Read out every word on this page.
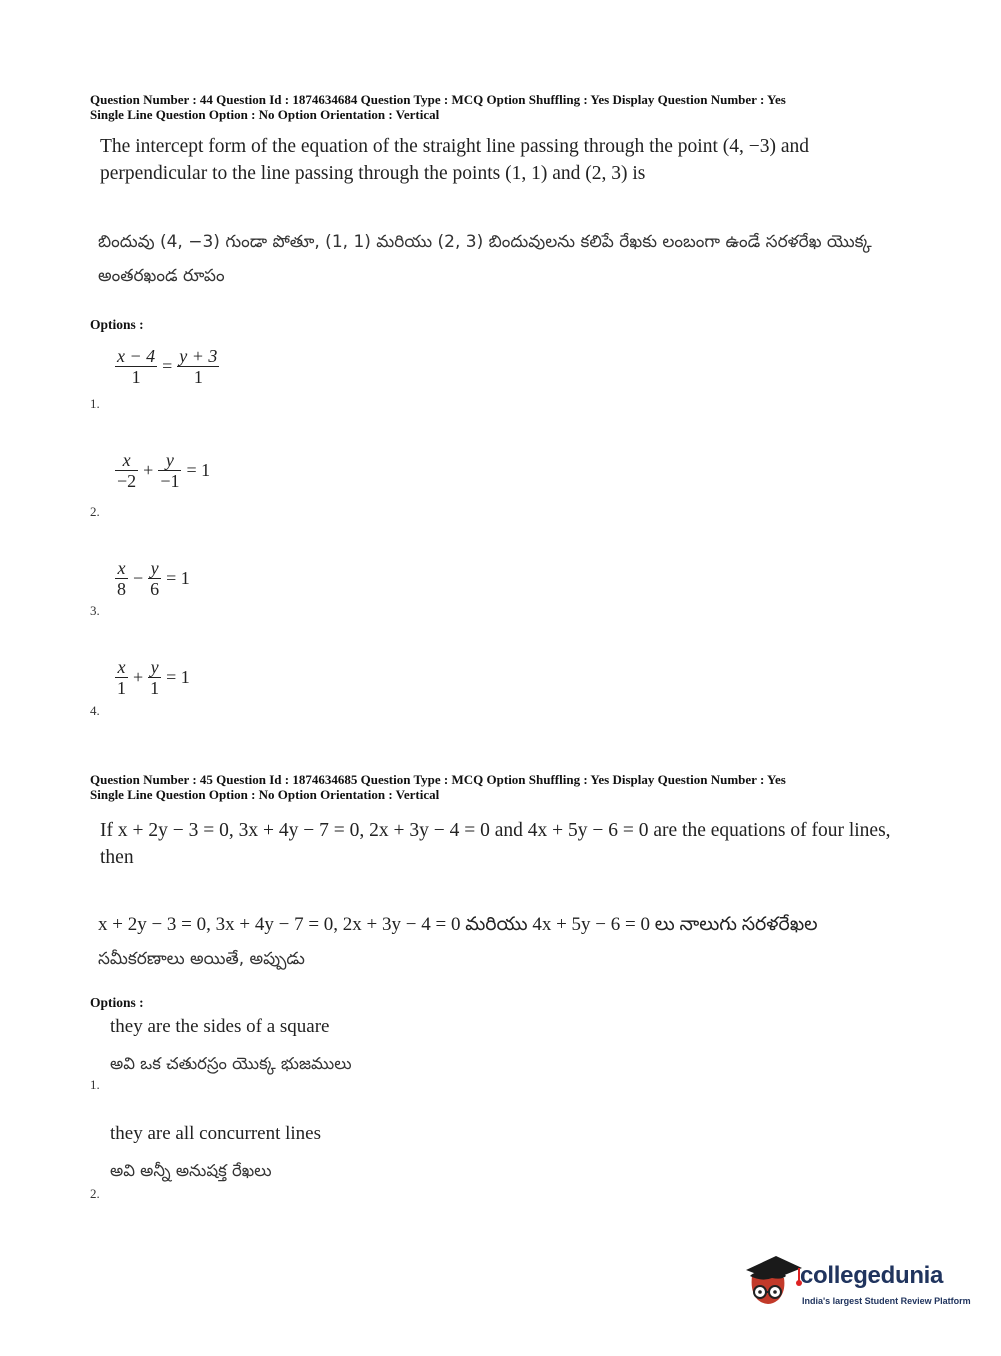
Question Number : 44 Question Id : 1874634684 Question Type : MCQ Option Shuffling : Yes Display Question Number : Yes
Single Line Question Option : No Option Orientation : Vertical
The intercept form of the equation of the straight line passing through the point (4, −3) and perpendicular to the line passing through the points (1, 1) and (2, 3) is
బిందువు (4, −3) గుండా పోతూ, (1, 1) మరియు (2, 3) బిందువులను కలిపే రేఖకు లంబంగా ఉండే సరళరేఖ యొక్క అంతరఖండ రూపం
Options :
$\frac{x - 4}{1} = \frac{y + 3}{1}$
1.
$\frac{x}{-2} + \frac{y}{-1} = 1$
2.
$\frac{x}{8} - \frac{y}{6} = 1$
3.
$\frac{x}{1} + \frac{y}{1} = 1$
4.
Question Number : 45 Question Id : 1874634685 Question Type : MCQ Option Shuffling : Yes Display Question Number : Yes
Single Line Question Option : No Option Orientation : Vertical
If x + 2y − 3 = 0, 3x + 4y − 7 = 0, 2x + 3y − 4 = 0 and 4x + 5y − 6 = 0 are the equations of four lines, then
x + 2y − 3 = 0, 3x + 4y − 7 = 0, 2x + 3y − 4 = 0 మరియు 4x + 5y − 6 = 0 లు నాలుగు సరళరేఖల
సమీకరణాలు అయితే, అప్పుడు
Options :
they are the sides of a square
అవి ఒక చతురస్రం యొక్క భుజములు
1.
they are all concurrent lines
అవి అన్నీ అనుషక్త రేఖలు
2.
collegedunia
India's largest Student Review Platform
